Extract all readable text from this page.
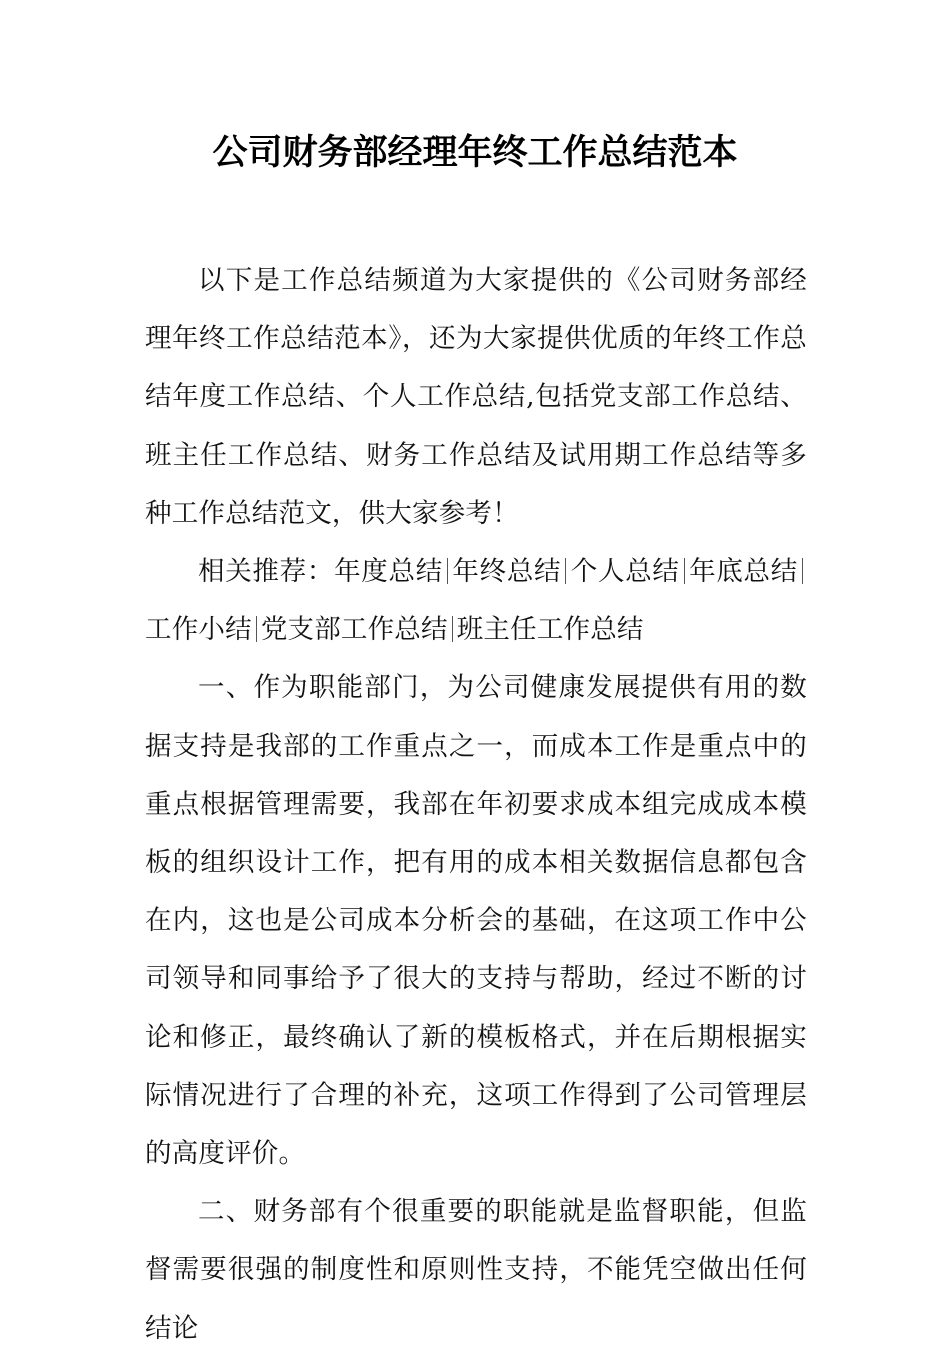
公司财务部经理年终工作总结范本

以下是工作总结频道为大家提供的《公司财务部经理年终工作总结范本》，还为大家提供优质的年终工作总结年度工作总结、个人工作总结,包括党支部工作总结、班主任工作总结、财务工作总结及试用期工作总结等多种工作总结范文，供大家参考！

相关推荐：年度总结 年终总结 个人总结 年底总结工作小结 党支部工作总结 班主任工作总结

一、作为职能部门，为公司健康发展提供有用的数据支持是我部的工作重点之一，而成本工作是重点中的重点根据管理需要，我部在年初要求成本组完成成本模板的组织设计工作，把有用的成本相关数据信息都包含在内，这也是公司成本分析会的基础，在这项工作中公司领导和同事给予了很大的支持与帮助，经过不断的讨论和修正，最终确认了新的模板格式，并在后期根据实际情况进行了合理的补充，这项工作得到了公司管理层的高度评价。

二、财务部有个很重要的职能就是监督职能，但监督需要很强的制度性和原则性支持，不能凭空做出任何结论
